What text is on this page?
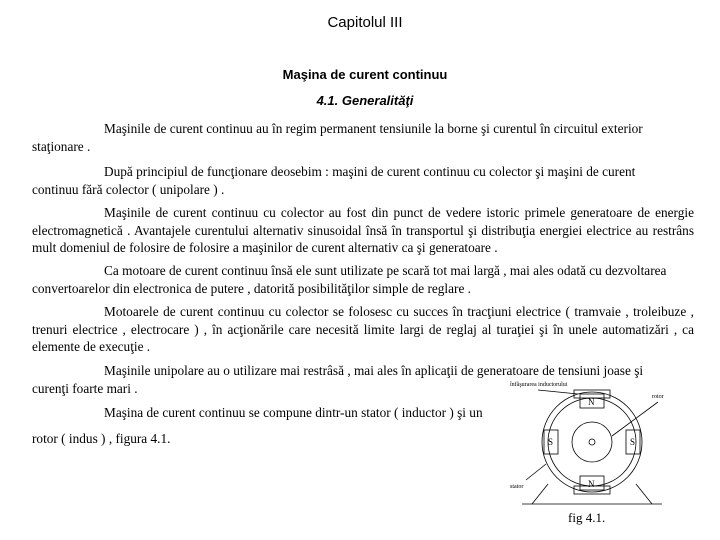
Capitolul III
Maşina de curent continuu
4.1. Generalităţi
Maşinile de curent continuu au în regim permanent tensiunile la borne şi curentul în circuitul exterior staţionare .
După principiul de funcţionare deosebim : maşini de curent continuu cu colector şi maşini de curent continuu fără colector ( unipolare ) .
Maşinile de curent continuu cu colector au fost din punct de vedere istoric primele generatoare de energie electromagnetică . Avantajele curentului alternativ sinusoidal însă în transportul şi distribuţia energiei electrice au restrâns mult domeniul de folosire de folosire a maşinilor de curent alternativ ca şi generatoare .
Ca motoare de curent continuu însă ele sunt utilizate pe scară tot mai largă , mai ales odată cu dezvoltarea convertoarelor din electronica de putere , datorită posibilităţilor simple de reglare .
Motoarele de curent continuu cu colector se folosesc cu succes în tracţiuni electrice ( tramvaie , troleibuze , trenuri electrice , electrocare ) , în acţionările care necesită limite largi de reglaj al turaţiei şi în unele automatizări , ca elemente de execuţie .
Maşinile unipolare au o utilizare mai restrâsă , mai ales în aplicaţii de generatoare de tensiuni joase şi curenţi foarte mari .
Maşina de curent continuu se compune dintr-un stator ( inductor ) şi un
rotor ( indus ) , figura 4.1.
înfăşurarea inductorului
rotor
stator
S	S
N
N
fig 4.1.
